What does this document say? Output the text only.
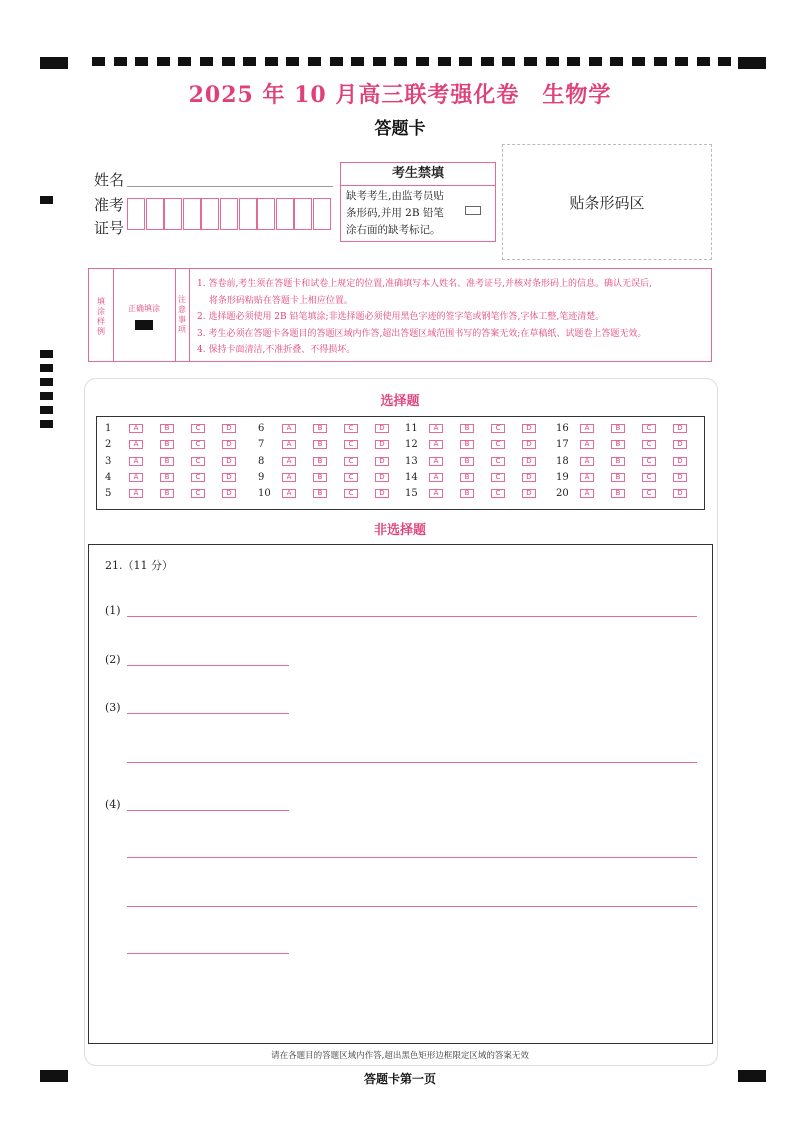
2025 年 10 月高三联考强化卷　生物学
答题卡
姓名
准考
证号
考生禁填
缺考考生,由监考员贴
条形码,并用 2B 铅笔
涂右面的缺考标记。
贴条形码区
填
涂
样
例
正确填涂
注
意
事
项
1. 答卷前,考生须在答题卡和试卷上规定的位置,准确填写本人姓名、准考证号,并核对条形码上的信息。确认无误后,
　 将条形码粘贴在答题卡上相应位置。
2. 选择题必须使用 2B 铅笔填涂;非选择题必须使用黑色字迹的签字笔或钢笔作答,字体工整,笔迹清楚。
3. 考生必须在答题卡各题目的答题区域内作答,超出答题区域范围书写的答案无效;在草稿纸、试题卷上答题无效。
4. 保持卡面清洁,不准折叠、不得损坏。
选择题
1	A	B	C	D
2	A	B	C	D
3	A	B	C	D
4	A	B	C	D
5	A	B	C	D
6	A	B	C	D
7	A	B	C	D
8	A	B	C	D
9	A	B	C	D
10	A	B	C	D
11	A	B	C	D
12	A	B	C	D
13	A	B	C	D
14	A	B	C	D
15	A	B	C	D
16	A	B	C	D
17	A	B	C	D
18	A	B	C	D
19	A	B	C	D
20	A	B	C	D
非选择题
21.（11 分）
(1)
(2)
(3)
(4)
请在各题目的答题区域内作答,超出黑色矩形边框限定区域的答案无效
答题卡第一页
